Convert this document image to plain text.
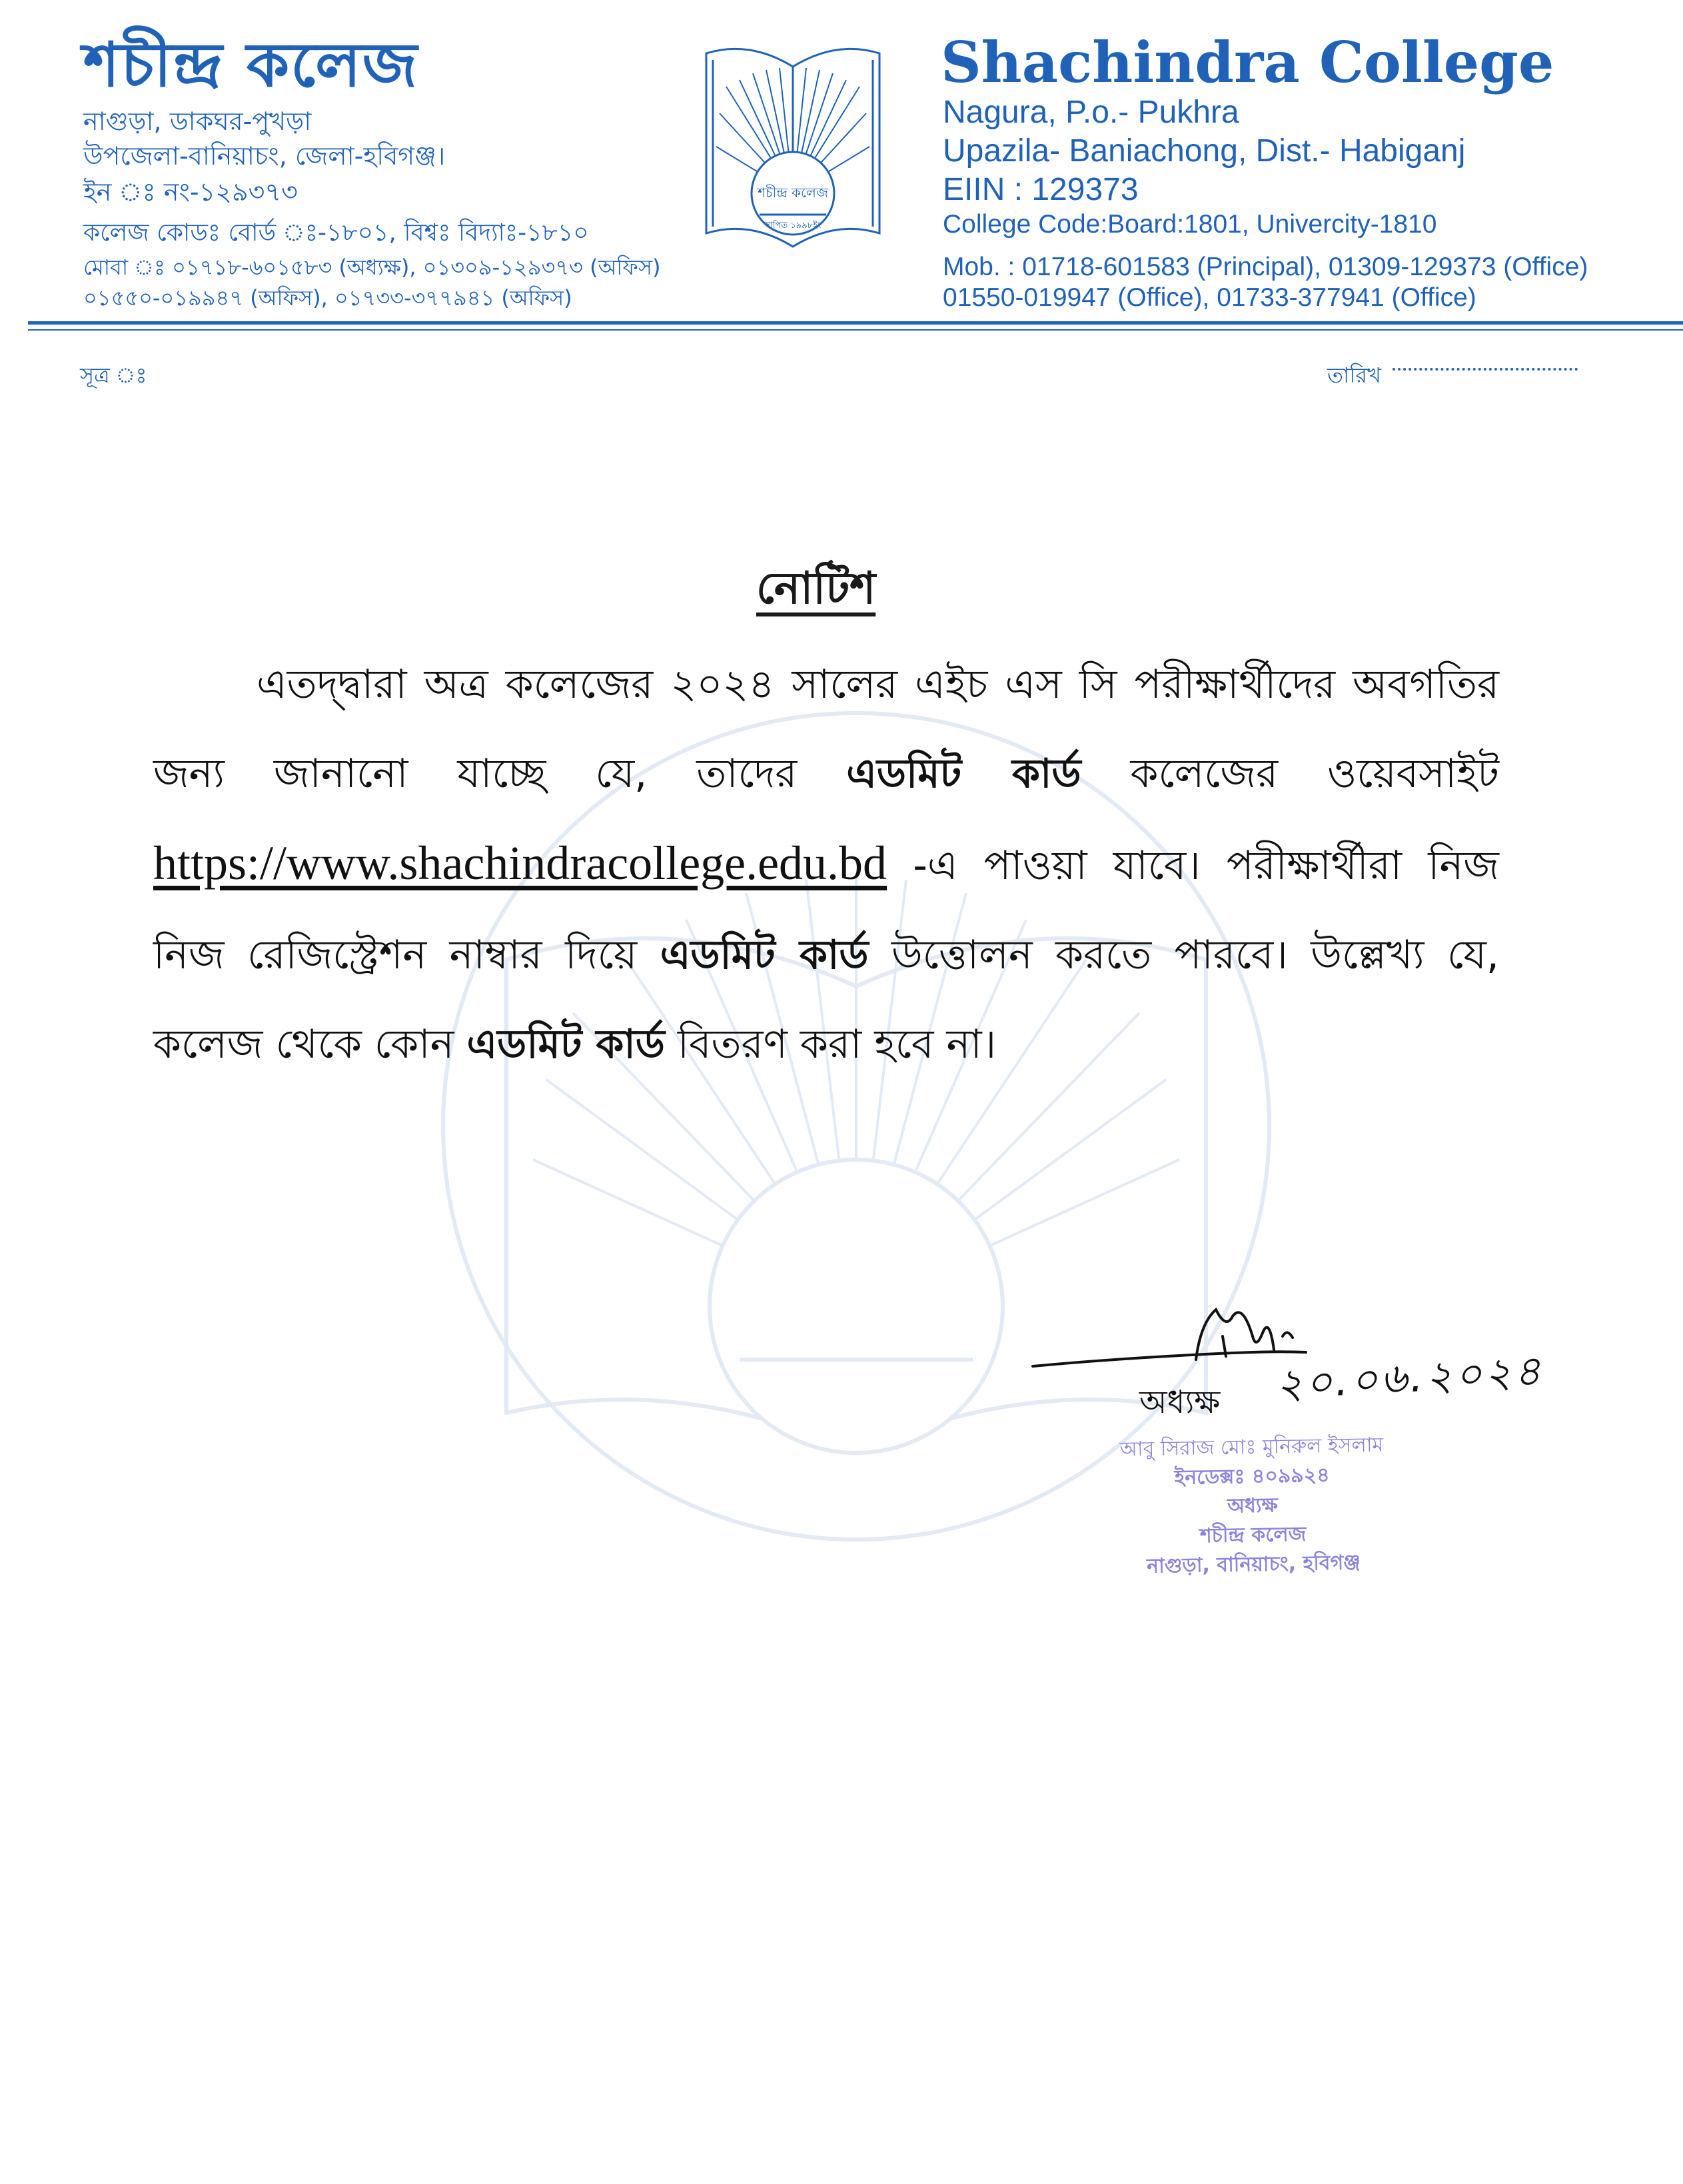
শচীন্দ্র কলেজ
নাগুড়া, ডাকঘর-পুখড়া
উপজেলা-বানিয়াচং, জেলা-হবিগঞ্জ।
ইন ঃ নং-১২৯৩৭৩
কলেজ কোডঃ বোর্ড ঃ-১৮০১, বিশ্বঃ বিদ্যাঃ-১৮১০
মোবা ঃ ০১৭১৮-৬০১৫৮৩ (অধ্যক্ষ), ০১৩০৯-১২৯৩৭৩ (অফিস)
০১৫৫০-০১৯৯৪৭ (অফিস), ০১৭৩৩-৩৭৭৯৪১ (অফিস)
শচীন্দ্র কলেজ
স্থাপিত ১৯৯৮ইং
Shachindra College
Nagura, P.o.- Pukhra
Upazila- Baniachong, Dist.- Habiganj
EIIN : 129373
College Code:Board:1801, Univercity-1810
Mob. : 01718-601583 (Principal), 01309-129373 (Office)
01550-019947 (Office), 01733-377941 (Office)
সূত্র ঃ	তারিখ
নোটিশ
এতদ্দ্বারা অত্র কলেজের ২০২৪ সালের এইচ এস সি পরীক্ষার্থীদের অবগতির জন্য জানানো যাচ্ছে যে, তাদের এডমিট কার্ড কলেজের ওয়েবসাইট https://www.shachindracollege.edu.bd -এ পাওয়া যাবে। পরীক্ষার্থীরা নিজ নিজ রেজিস্ট্রেশন নাম্বার দিয়ে এডমিট কার্ড উত্তোলন করতে পারবে। উল্লেখ্য যে, কলেজ থেকে কোন এডমিট কার্ড বিতরণ করা হবে না।
২০.০৬.২০২৪
অধ্যক্ষ
আবু সিরাজ মোঃ মুনিরুল ইসলাম
ইনডেক্সঃ ৪০৯৯২৪
অধ্যক্ষ
শচীন্দ্র কলেজ
নাগুড়া, বানিয়াচং, হবিগঞ্জ
